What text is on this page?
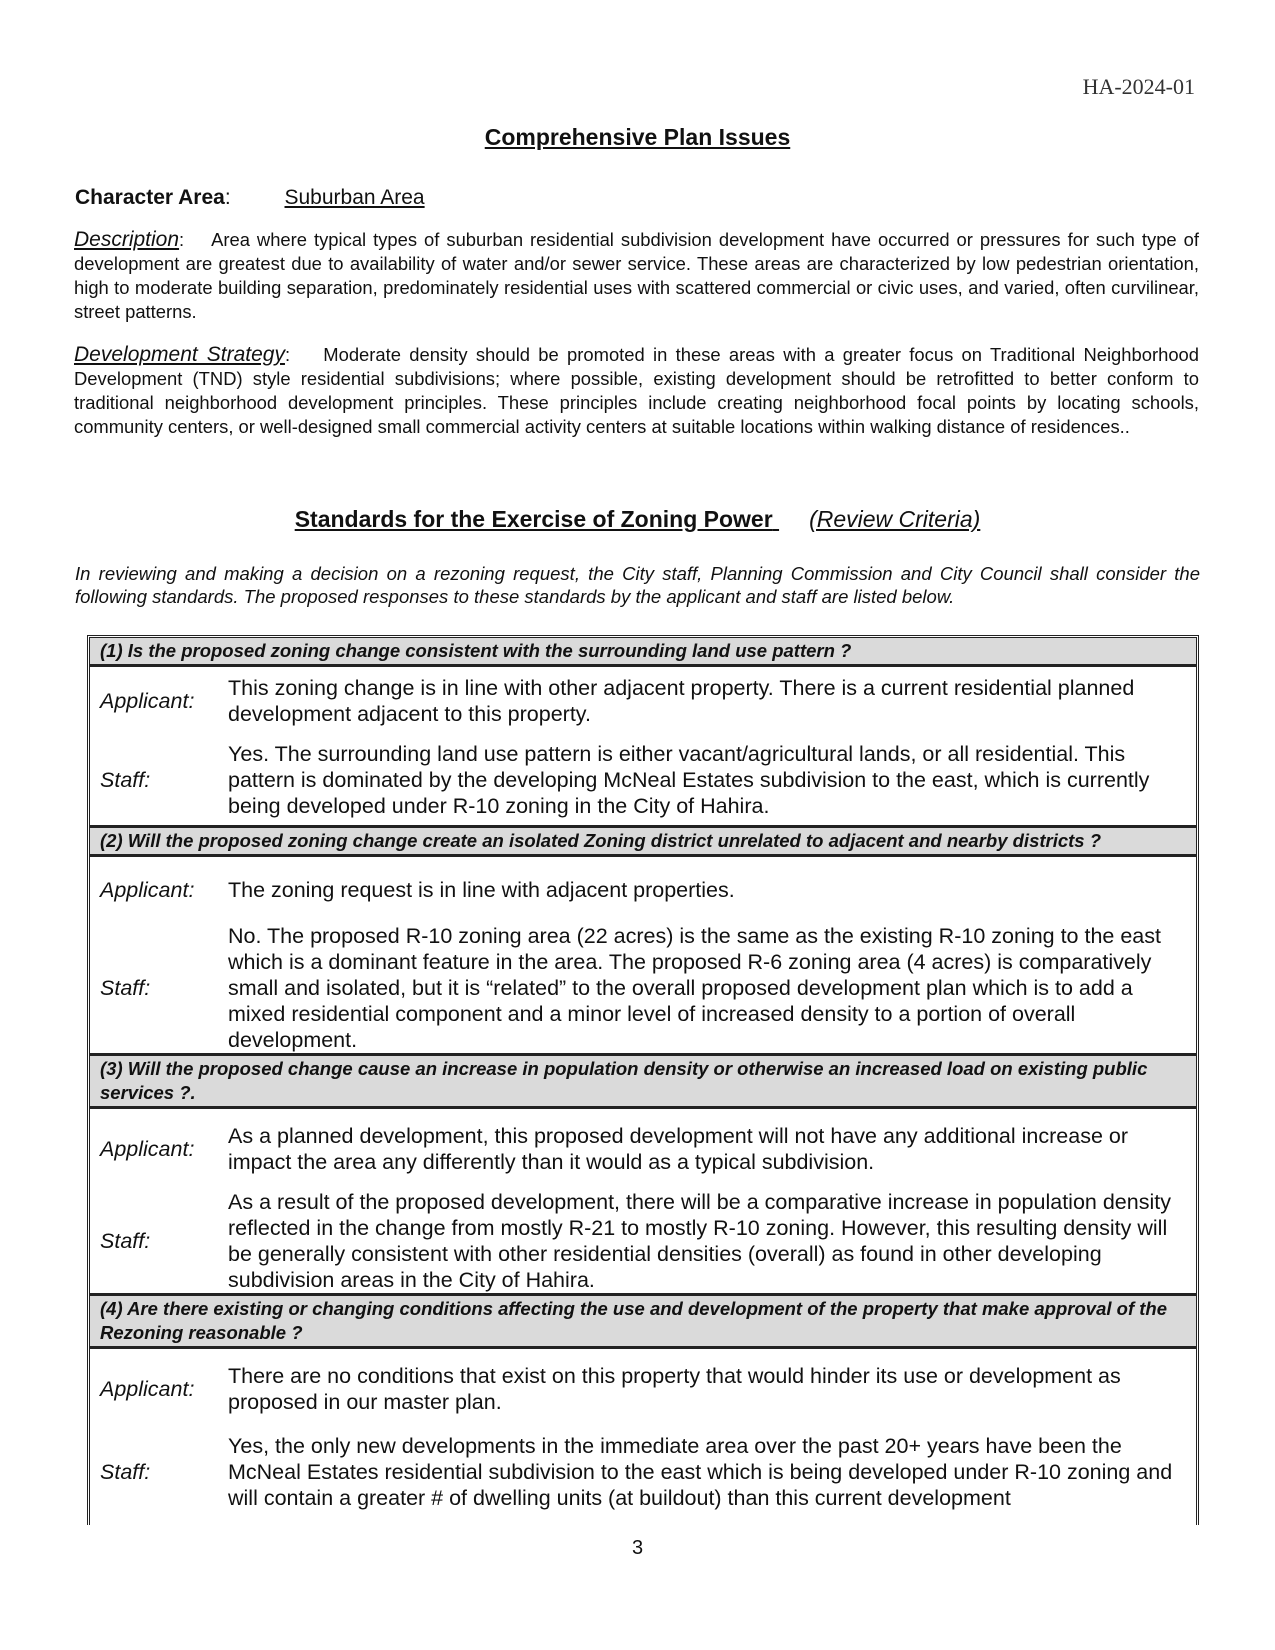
HA-2024-01
Comprehensive Plan Issues
Character Area:	Suburban Area
Description:    Area where typical types of suburban residential subdivision development have occurred or pressures for such type of development are greatest due to availability of water and/or sewer service. These areas are characterized by low pedestrian orientation, high to moderate building separation, predominately residential uses with scattered commercial or civic uses, and varied, often curvilinear, street patterns.
Development Strategy:    Moderate density should be promoted in these areas with a greater focus on Traditional Neighborhood Development (TND) style residential subdivisions; where possible, existing development should be retrofitted to better conform to traditional neighborhood development principles. These principles include creating neighborhood focal points by locating schools, community centers, or well-designed small commercial activity centers at suitable locations within walking distance of residences..
Standards for the Exercise of Zoning Power (Review Criteria)
In reviewing and making a decision on a rezoning request, the City staff, Planning Commission and City Council shall consider the following standards. The proposed responses to these standards by the applicant and staff are listed below.
(1) Is the proposed zoning change consistent with the surrounding land use pattern ?
Applicant:
This zoning change is in line with other adjacent property. There is a current residential planned development adjacent to this property.
Staff:
Yes. The surrounding land use pattern is either vacant/agricultural lands, or all residential. This pattern is dominated by the developing McNeal Estates subdivision to the east, which is currently being developed under R-10 zoning in the City of Hahira.
(2) Will the proposed zoning change create an isolated Zoning district unrelated to adjacent and nearby districts ?
Applicant:	The zoning request is in line with adjacent properties.
Staff:
No. The proposed R-10 zoning area (22 acres) is the same as the existing R-10 zoning to the east which is a dominant feature in the area. The proposed R-6 zoning area (4 acres) is comparatively small and isolated, but it is “related” to the overall proposed development plan which is to add a mixed residential component and a minor level of increased density to a portion of overall development.
(3) Will the proposed change cause an increase in population density or otherwise an increased load on existing public services ?.
Applicant:
As a planned development, this proposed development will not have any additional increase or impact the area any differently than it would as a typical subdivision.
Staff:
As a result of the proposed development, there will be a comparative increase in population density reflected in the change from mostly R-21 to mostly R-10 zoning. However, this resulting density will be generally consistent with other residential densities (overall) as found in other developing subdivision areas in the City of Hahira.
(4) Are there existing or changing conditions affecting the use and development of the property that make approval of the Rezoning reasonable ?
Applicant:
There are no conditions that exist on this property that would hinder its use or development as proposed in our master plan.
Staff:
Yes, the only new developments in the immediate area over the past 20+ years have been the McNeal Estates residential subdivision to the east which is being developed under R-10 zoning and will contain a greater # of dwelling units (at buildout) than this current development
3
